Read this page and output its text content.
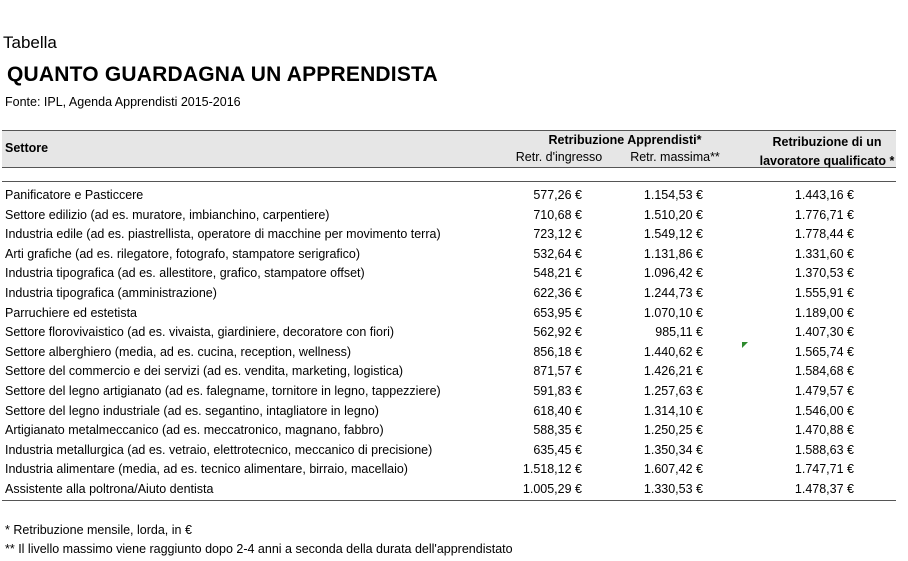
Tabella
QUANTO GUARDAGNA UN APPRENDISTA
Fonte: IPL, Agenda Apprendisti 2015-2016
Settore
Retribuzione Apprendisti*
Retr. d'ingresso	Retr. massima**
Retribuzione di un
lavoratore qualificato *
Panificatore e Pasticcere	577,26 €	1.154,53 €	1.443,16 €
Settore edilizio (ad es. muratore, imbianchino, carpentiere)	710,68 €	1.510,20 €	1.776,71 €
Industria edile (ad es. piastrellista, operatore di macchine per movimento terra)	723,12 €	1.549,12 €	1.778,44 €
Arti grafiche (ad es. rilegatore, fotografo, stampatore serigrafico)	532,64 €	1.131,86 €	1.331,60 €
Industria tipografica (ad es. allestitore, grafico, stampatore offset)	548,21 €	1.096,42 €	1.370,53 €
Industria tipografica (amministrazione)	622,36 €	1.244,73 €	1.555,91 €
Parruchiere ed estetista	653,95 €	1.070,10 €	1.189,00 €
Settore florovivaistico (ad es. vivaista, giardiniere, decoratore con fiori)	562,92 €	985,11 €	1.407,30 €
Settore alberghiero (media, ad es. cucina, reception, wellness)	856,18 €	1.440,62 €	1.565,74 €
Settore del commercio e dei servizi (ad es. vendita, marketing, logistica)	871,57 €	1.426,21 €	1.584,68 €
Settore del legno artigianato (ad es. falegname, tornitore in legno, tappezziere)	591,83 €	1.257,63 €	1.479,57 €
Settore del legno industriale (ad es. segantino, intagliatore in legno)	618,40 €	1.314,10 €	1.546,00 €
Artigianato metalmeccanico (ad es. meccatronico, magnano, fabbro)	588,35 €	1.250,25 €	1.470,88 €
Industria metallurgica (ad es. vetraio, elettrotecnico, meccanico di precisione)	635,45 €	1.350,34 €	1.588,63 €
Industria alimentare (media, ad es. tecnico alimentare, birraio, macellaio)	1.518,12 €	1.607,42 €	1.747,71 €
Assistente alla poltrona/Aiuto dentista	1.005,29 €	1.330,53 €	1.478,37 €
* Retribuzione mensile, lorda, in €
** Il livello massimo viene raggiunto dopo 2-4 anni a seconda della durata dell'apprendistato
